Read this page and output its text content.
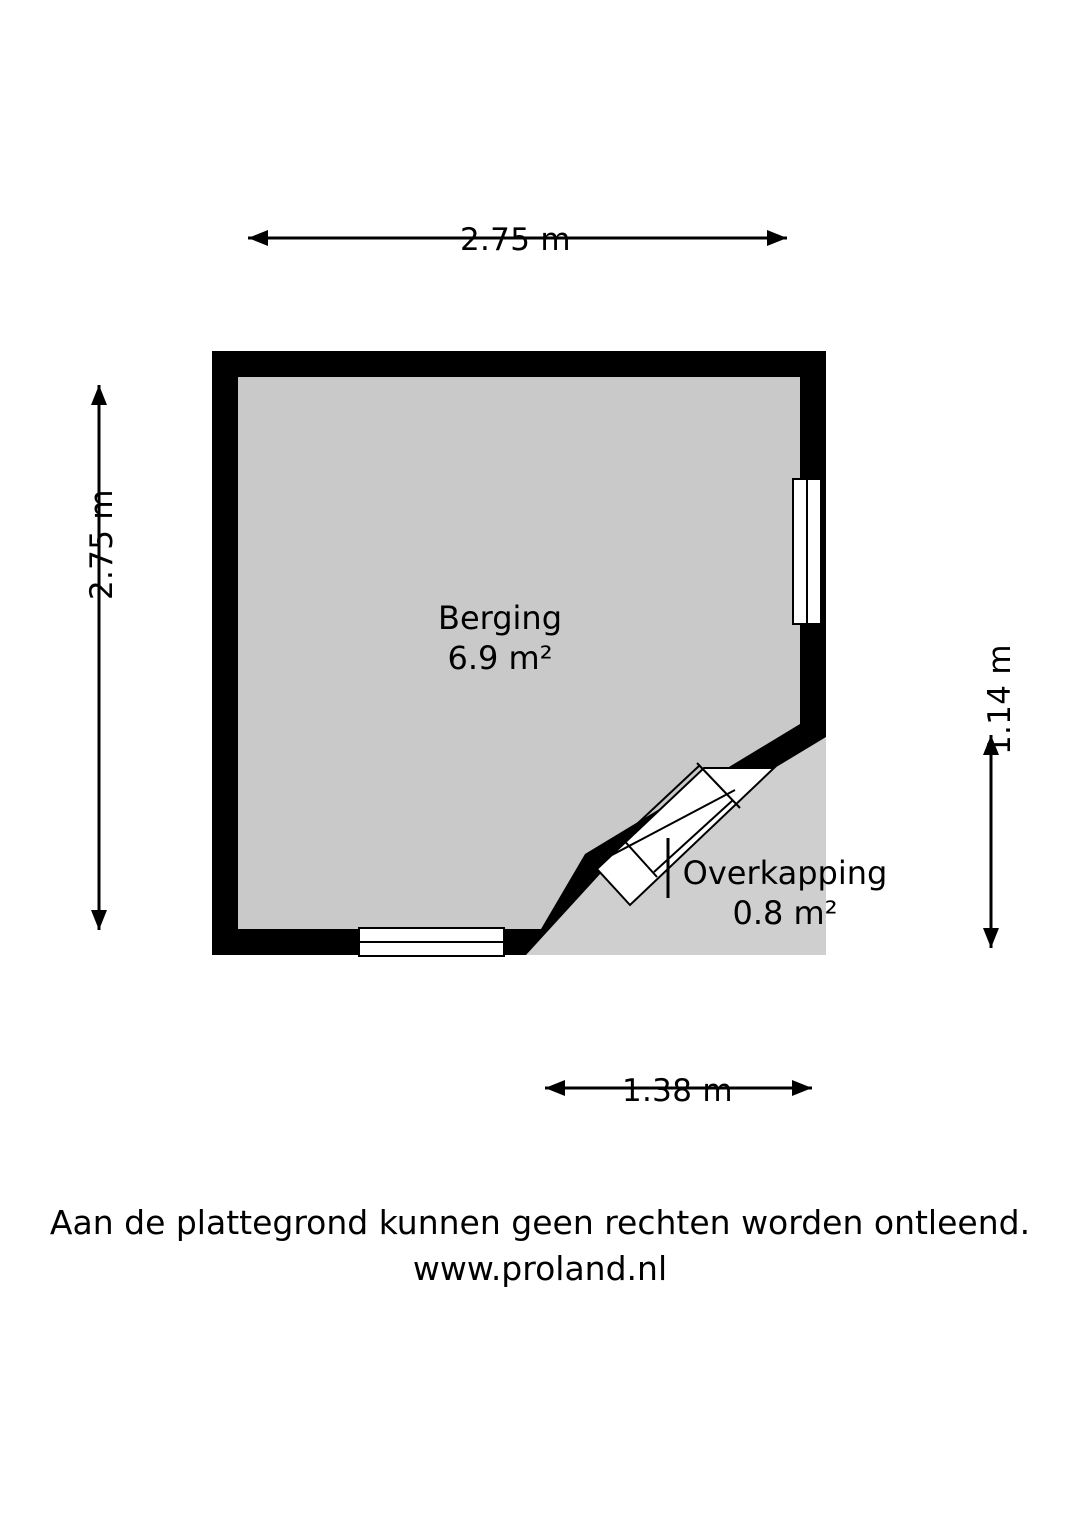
2.75 m
2.75 m
1.14 m
1.38 m
Berging
6.9 m²
Overkapping
0.8 m²
Aan de plattegrond kunnen geen rechten worden ontleend.
www.proland.nl
